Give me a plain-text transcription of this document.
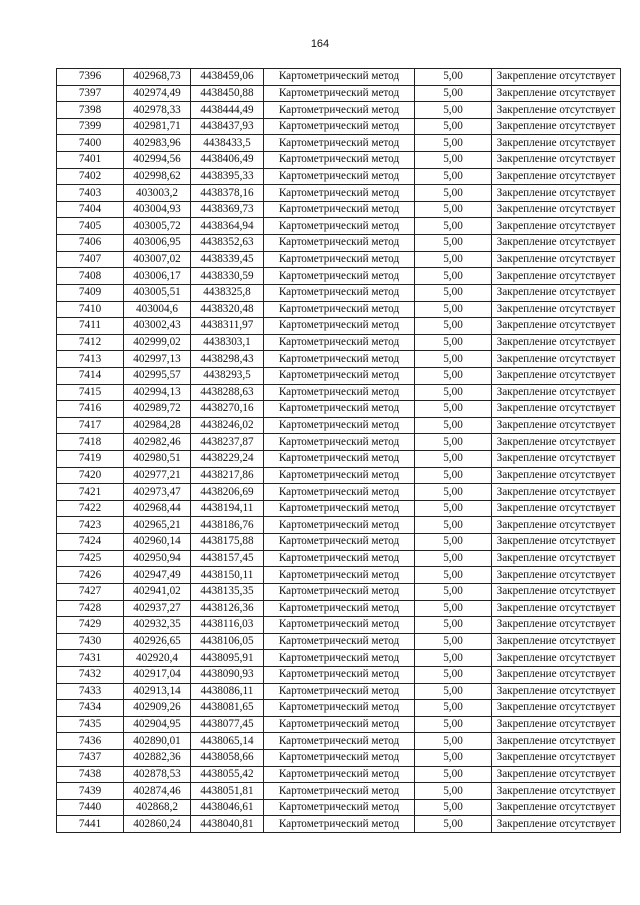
164
7396	402968,73	4438459,06	Картометрический метод	5,00	Закрепление отсутствует
7397	402974,49	4438450,88	Картометрический метод	5,00	Закрепление отсутствует
7398	402978,33	4438444,49	Картометрический метод	5,00	Закрепление отсутствует
7399	402981,71	4438437,93	Картометрический метод	5,00	Закрепление отсутствует
7400	402983,96	4438433,5	Картометрический метод	5,00	Закрепление отсутствует
7401	402994,56	4438406,49	Картометрический метод	5,00	Закрепление отсутствует
7402	402998,62	4438395,33	Картометрический метод	5,00	Закрепление отсутствует
7403	403003,2	4438378,16	Картометрический метод	5,00	Закрепление отсутствует
7404	403004,93	4438369,73	Картометрический метод	5,00	Закрепление отсутствует
7405	403005,72	4438364,94	Картометрический метод	5,00	Закрепление отсутствует
7406	403006,95	4438352,63	Картометрический метод	5,00	Закрепление отсутствует
7407	403007,02	4438339,45	Картометрический метод	5,00	Закрепление отсутствует
7408	403006,17	4438330,59	Картометрический метод	5,00	Закрепление отсутствует
7409	403005,51	4438325,8	Картометрический метод	5,00	Закрепление отсутствует
7410	403004,6	4438320,48	Картометрический метод	5,00	Закрепление отсутствует
7411	403002,43	4438311,97	Картометрический метод	5,00	Закрепление отсутствует
7412	402999,02	4438303,1	Картометрический метод	5,00	Закрепление отсутствует
7413	402997,13	4438298,43	Картометрический метод	5,00	Закрепление отсутствует
7414	402995,57	4438293,5	Картометрический метод	5,00	Закрепление отсутствует
7415	402994,13	4438288,63	Картометрический метод	5,00	Закрепление отсутствует
7416	402989,72	4438270,16	Картометрический метод	5,00	Закрепление отсутствует
7417	402984,28	4438246,02	Картометрический метод	5,00	Закрепление отсутствует
7418	402982,46	4438237,87	Картометрический метод	5,00	Закрепление отсутствует
7419	402980,51	4438229,24	Картометрический метод	5,00	Закрепление отсутствует
7420	402977,21	4438217,86	Картометрический метод	5,00	Закрепление отсутствует
7421	402973,47	4438206,69	Картометрический метод	5,00	Закрепление отсутствует
7422	402968,44	4438194,11	Картометрический метод	5,00	Закрепление отсутствует
7423	402965,21	4438186,76	Картометрический метод	5,00	Закрепление отсутствует
7424	402960,14	4438175,88	Картометрический метод	5,00	Закрепление отсутствует
7425	402950,94	4438157,45	Картометрический метод	5,00	Закрепление отсутствует
7426	402947,49	4438150,11	Картометрический метод	5,00	Закрепление отсутствует
7427	402941,02	4438135,35	Картометрический метод	5,00	Закрепление отсутствует
7428	402937,27	4438126,36	Картометрический метод	5,00	Закрепление отсутствует
7429	402932,35	4438116,03	Картометрический метод	5,00	Закрепление отсутствует
7430	402926,65	4438106,05	Картометрический метод	5,00	Закрепление отсутствует
7431	402920,4	4438095,91	Картометрический метод	5,00	Закрепление отсутствует
7432	402917,04	4438090,93	Картометрический метод	5,00	Закрепление отсутствует
7433	402913,14	4438086,11	Картометрический метод	5,00	Закрепление отсутствует
7434	402909,26	4438081,65	Картометрический метод	5,00	Закрепление отсутствует
7435	402904,95	4438077,45	Картометрический метод	5,00	Закрепление отсутствует
7436	402890,01	4438065,14	Картометрический метод	5,00	Закрепление отсутствует
7437	402882,36	4438058,66	Картометрический метод	5,00	Закрепление отсутствует
7438	402878,53	4438055,42	Картометрический метод	5,00	Закрепление отсутствует
7439	402874,46	4438051,81	Картометрический метод	5,00	Закрепление отсутствует
7440	402868,2	4438046,61	Картометрический метод	5,00	Закрепление отсутствует
7441	402860,24	4438040,81	Картометрический метод	5,00	Закрепление отсутствует
